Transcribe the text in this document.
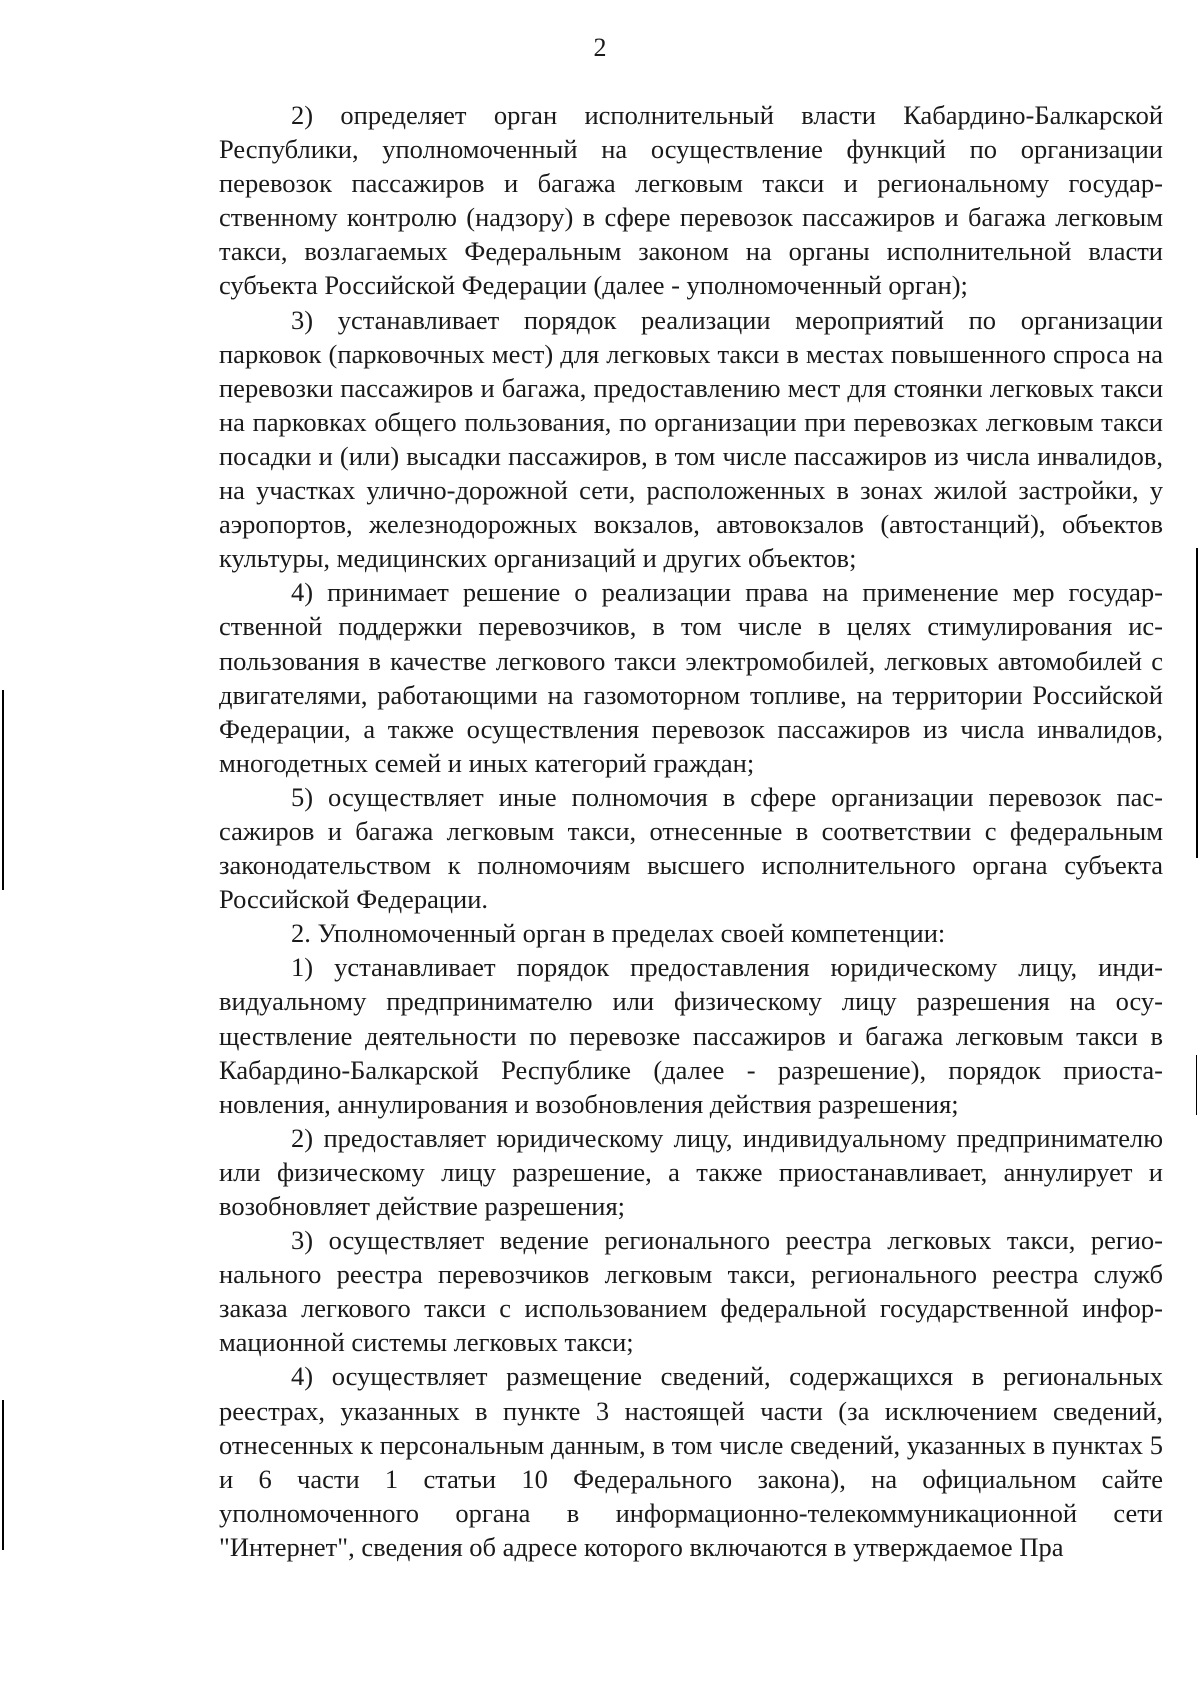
2

2) определяет орган исполнительный власти Кабардино-Балкарской Республики, уполномоченный на осуществление функций по организации перевозок пассажиров и багажа легковым такси и региональному государственному контролю (надзору) в сфере перевозок пассажиров и багажа легковым такси, возлагаемых Федеральным законом на органы исполнительной власти субъекта Российской Федерации (далее - уполномоченный орган);

3) устанавливает порядок реализации мероприятий по организации парковок (парковочных мест) для легковых такси в местах повышенного спроса на перевозки пассажиров и багажа, предоставлению мест для стоянки легковых такси на парковках общего пользования, по организации при перевозках легковым такси посадки и (или) высадки пассажиров, в том числе пассажиров из числа инвалидов, на участках улично-дорожной сети, расположенных в зонах жилой застройки, у аэропортов, железнодорожных вокзалов, автовокзалов (автостанций), объектов культуры, медицинских организаций и других объектов;

4) принимает решение о реализации права на применение мер государственной поддержки перевозчиков, в том числе в целях стимулирования использования в качестве легкового такси электромобилей, легковых автомобилей с двигателями, работающими на газомоторном топливе, на территории Российской Федерации, а также осуществления перевозок пассажиров из числа инвалидов, многодетных семей и иных категорий граждан;

5) осуществляет иные полномочия в сфере организации перевозок пассажиров и багажа легковым такси, отнесенные в соответствии с федеральным законодательством к полномочиям высшего исполнительного органа субъекта Российской Федерации.

2. Уполномоченный орган в пределах своей компетенции:

1) устанавливает порядок предоставления юридическому лицу, индивидуальному предпринимателю или физическому лицу разрешения на осуществление деятельности по перевозке пассажиров и багажа легковым такси в Кабардино-Балкарской Республике (далее - разрешение), порядок приостановления, аннулирования и возобновления действия разрешения;

2) предоставляет юридическому лицу, индивидуальному предпринимателю или физическому лицу разрешение, а также приостанавливает, аннулирует и возобновляет действие разрешения;

3) осуществляет ведение регионального реестра легковых такси, регионального реестра перевозчиков легковым такси, регионального реестра служб заказа легкового такси с использованием федеральной государственной информационной системы легковых такси;

4) осуществляет размещение сведений, содержащихся в региональных реестрах, указанных в пункте 3 настоящей части (за исключением сведений, отнесенных к персональным данным, в том числе сведений, указанных в пунктах 5 и 6 части 1 статьи 10 Федерального закона), на официальном сайте уполномоченного органа в информационно-телекоммуникационной сети "Интернет", сведения об адресе которого включаются в утверждаемое Пра
